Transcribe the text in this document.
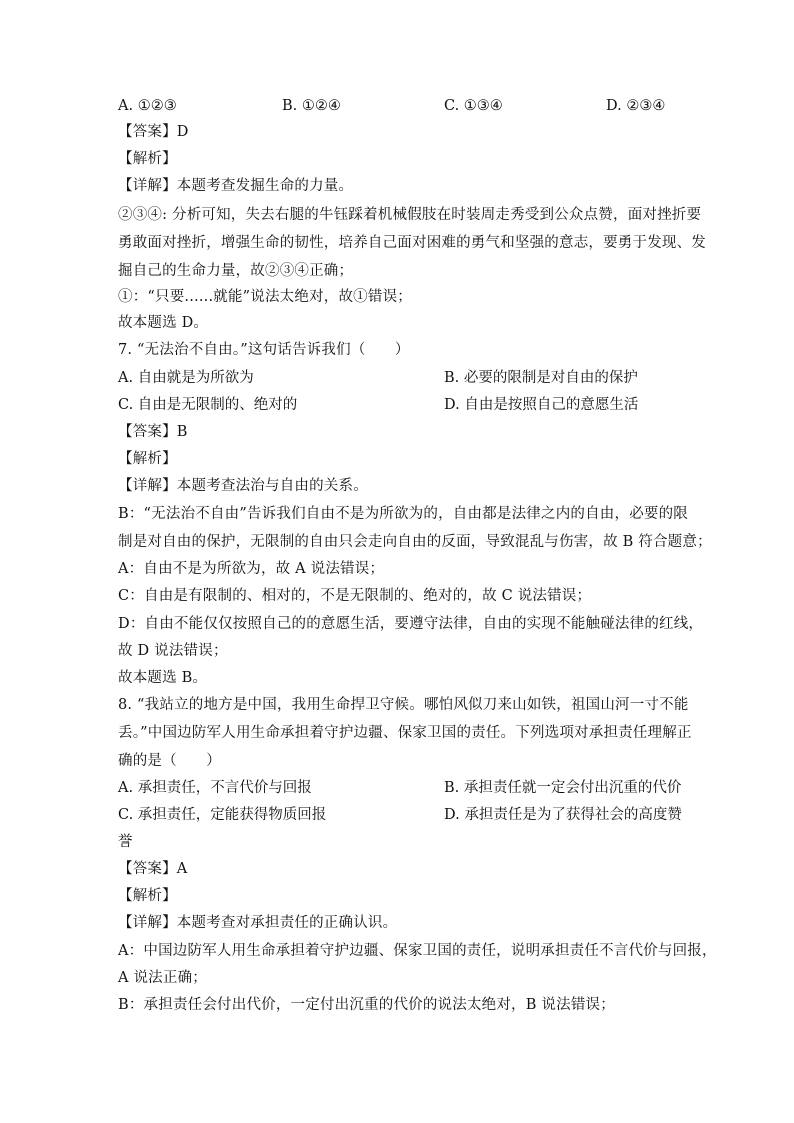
A. ①②③	B. ①②④	C. ①③④	D. ②③④
【答案】D
【解析】
【详解】本题考查发掘生命的力量。
②③④: 分析可知，失去右腿的牛钰踩着机械假肢在时装周走秀受到公众点赞，面对挫折要
勇敢面对挫折，增强生命的韧性，培养自己面对困难的勇气和坚强的意志，要勇于发现、发
掘自己的生命力量，故②③④正确；
①：“只要......就能”说法太绝对，故①错误；
故本题选 D。
7. “无法治不自由。”这句话告诉我们（　　）
A. 自由就是为所欲为	B. 必要的限制是对自由的保护
C. 自由是无限制的、绝对的	D. 自由是按照自己的意愿生活
【答案】B
【解析】
【详解】本题考查法治与自由的关系。
B：“无法治不自由”告诉我们自由不是为所欲为的，自由都是法律之内的自由，必要的限
制是对自由的保护，无限制的自由只会走向自由的反面，导致混乱与伤害，故 B 符合题意；
A：自由不是为所欲为，故 A 说法错误；
C：自由是有限制的、相对的，不是无限制的、绝对的，故 C 说法错误；
D：自由不能仅仅按照自己的的意愿生活，要遵守法律，自由的实现不能触碰法律的红线，
故 D 说法错误；
故本题选 B。
8. “我站立的地方是中国，我用生命捍卫守候。哪怕风似刀来山如铁，祖国山河一寸不能
丢。”中国边防军人用生命承担着守护边疆、保家卫国的责任。下列选项对承担责任理解正
确的是（　　）
A. 承担责任，不言代价与回报	B. 承担责任就一定会付出沉重的代价
C. 承担责任，定能获得物质回报	D. 承担责任是为了获得社会的高度赞
誉
【答案】A
【解析】
【详解】本题考查对承担责任的正确认识。
A：中国边防军人用生命承担着守护边疆、保家卫国的责任，说明承担责任不言代价与回报，
A 说法正确；
B：承担责任会付出代价，一定付出沉重的代价的说法太绝对，B 说法错误；
